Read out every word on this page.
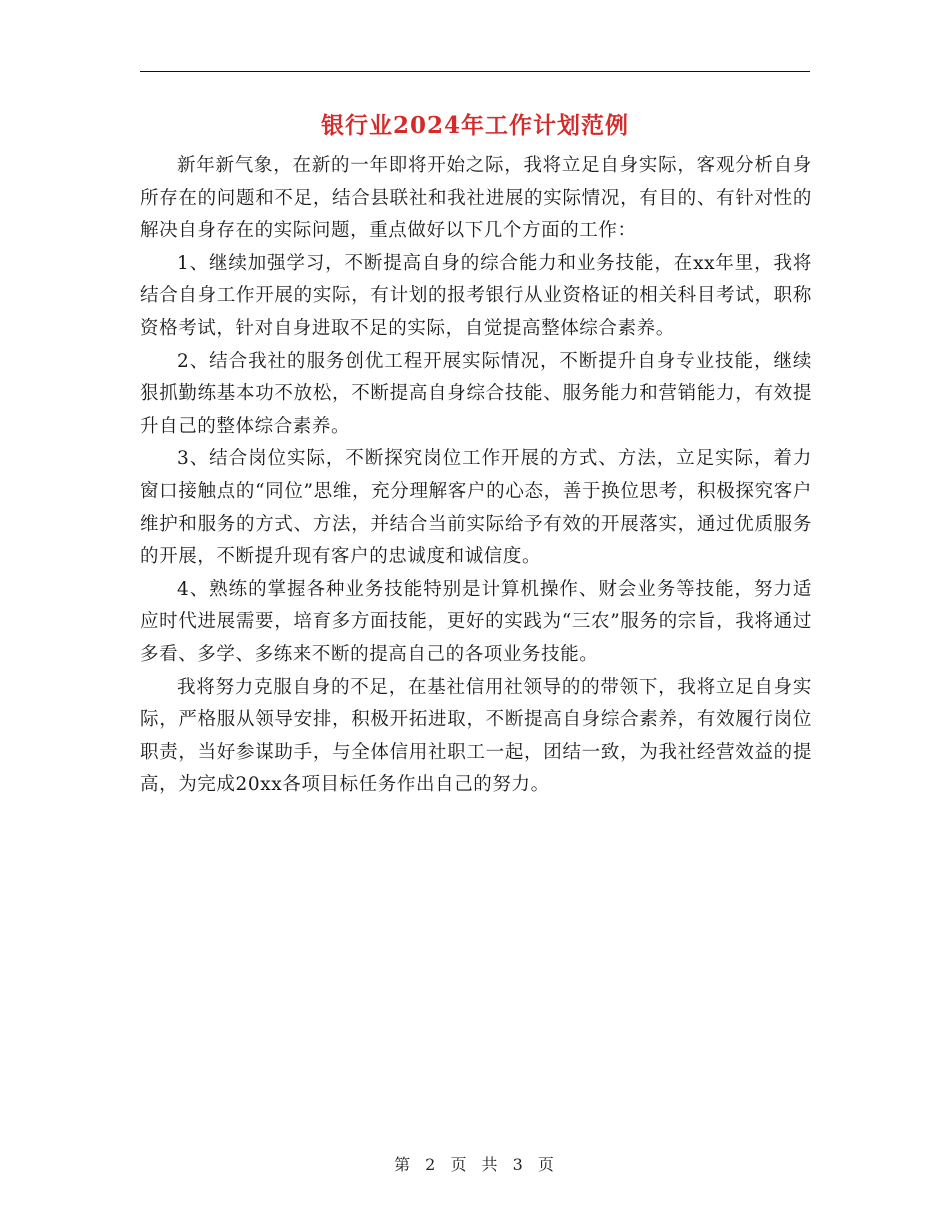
银行业2024年工作计划范例

新年新气象，在新的一年即将开始之际，我将立足自身实际，客观分析自身所存在的问题和不足，结合县联社和我社进展的实际情况，有目的、有针对性的解决自身存在的实际问题，重点做好以下几个方面的工作：

1、继续加强学习，不断提高自身的综合能力和业务技能，在xx年里，我将结合自身工作开展的实际，有计划的报考银行从业资格证的相关科目考试，职称资格考试，针对自身进取不足的实际，自觉提高整体综合素养。

2、结合我社的服务创优工程开展实际情况，不断提升自身专业技能，继续狠抓勤练基本功不放松，不断提高自身综合技能、服务能力和营销能力，有效提升自己的整体综合素养。

3、结合岗位实际，不断探究岗位工作开展的方式、方法，立足实际，着力窗口接触点的“同位”思维，充分理解客户的心态，善于换位思考，积极探究客户维护和服务的方式、方法，并结合当前实际给予有效的开展落实，通过优质服务的开展，不断提升现有客户的忠诚度和诚信度。

4、熟练的掌握各种业务技能特别是计算机操作、财会业务等技能，努力适应时代进展需要，培育多方面技能，更好的实践为“三农”服务的宗旨，我将通过多看、多学、多练来不断的提高自己的各项业务技能。

我将努力克服自身的不足，在基社信用社领导的的带领下，我将立足自身实际，严格服从领导安排，积极开拓进取，不断提高自身综合素养，有效履行岗位职责，当好参谋助手，与全体信用社职工一起，团结一致，为我社经营效益的提高，为完成20xx各项目标任务作出自己的努力。

第 2 页 共 3 页
